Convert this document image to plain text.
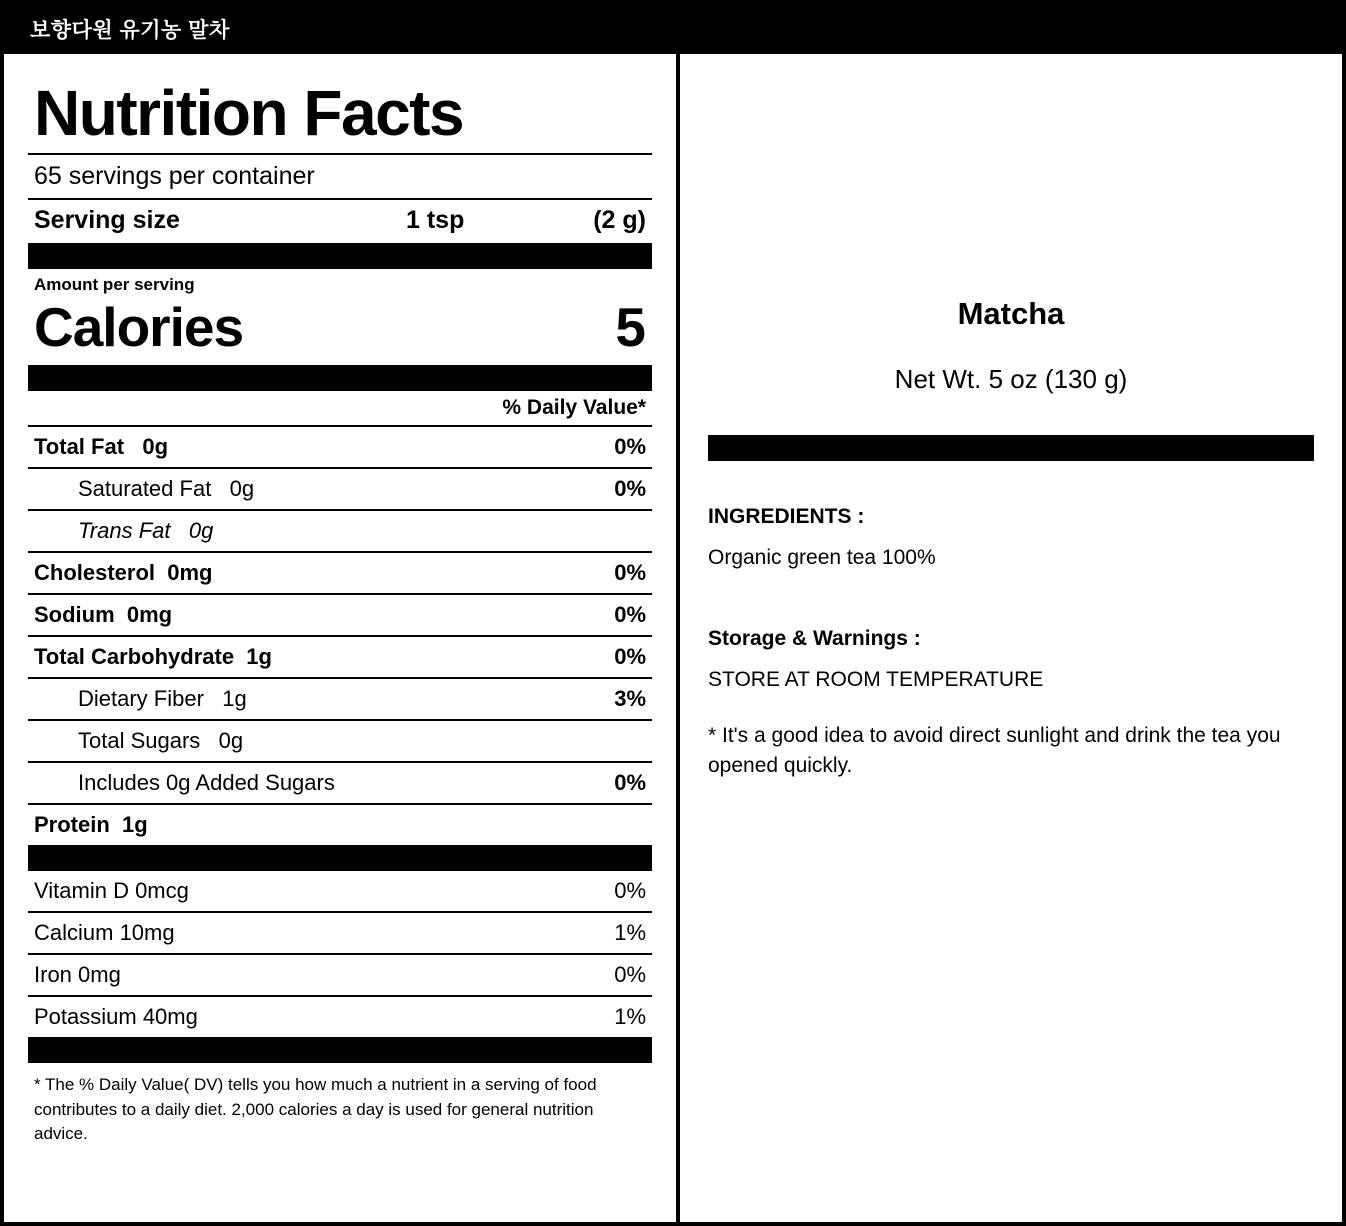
보향다원 유기농 말차
Nutrition Facts
65 servings per container
Serving size	1 tsp	(2 g)
Amount per serving
Calories	5
% Daily Value*
Total Fat   0g	0%
Saturated Fat   0g	0%
Trans Fat   0g
Cholesterol  0mg	0%
Sodium  0mg	0%
Total Carbohydrate  1g	0%
Dietary Fiber   1g	3%
Total Sugars   0g
Includes 0g Added Sugars	0%
Protein  1g
Vitamin D 0mcg	0%
Calcium 10mg	1%
Iron 0mg	0%
Potassium 40mg	1%
* The % Daily Value( DV) tells you how much a nutrient in a serving of food contributes to a daily diet. 2,000 calories a day is used for general nutrition advice.
Matcha
Net Wt. 5 oz (130 g)
INGREDIENTS :
Organic green tea 100%
Storage & Warnings :
STORE AT ROOM TEMPERATURE
* It's a good idea to avoid direct sunlight and drink the tea you opened quickly.
